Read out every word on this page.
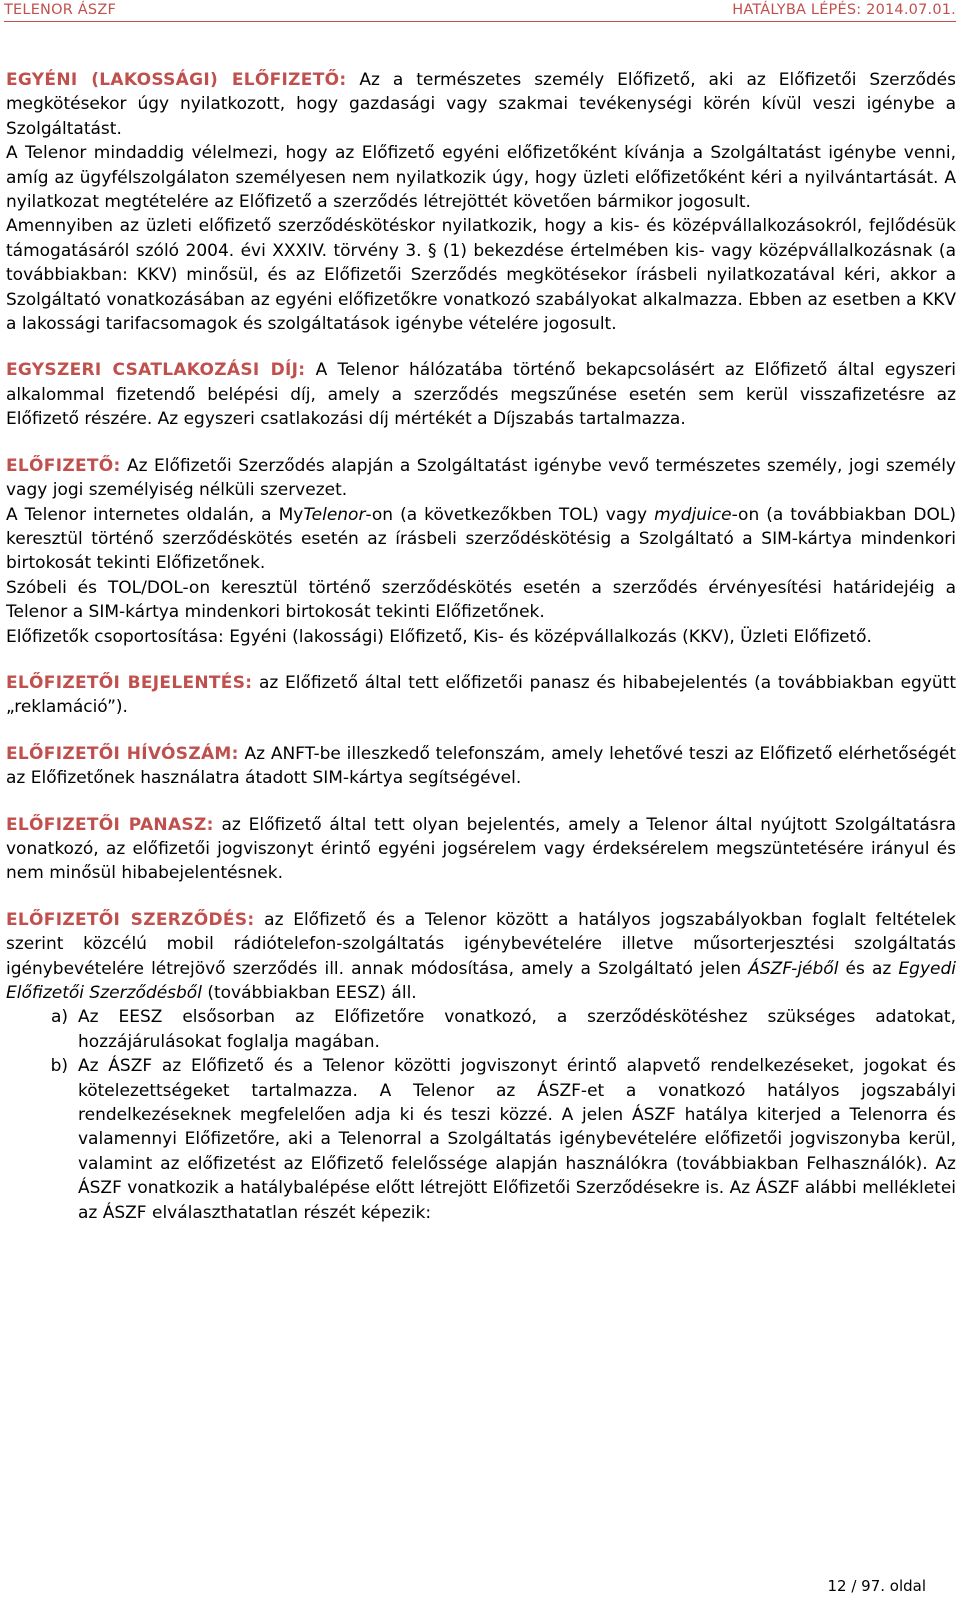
TELENOR ÁSZF	HATÁLYBA LÉPÉS: 2014.07.01.

EGYÉNI (LAKOSSÁGI) ELŐFIZETŐ: Az a természetes személy Előfizető, aki az Előfizetői Szerződés megkötésekor úgy nyilatkozott, hogy gazdasági vagy szakmai tevékenységi körén kívül veszi igénybe a Szolgáltatást.

A Telenor mindaddig vélelmezi, hogy az Előfizető egyéni előfizetőként kívánja a Szolgáltatást igénybe venni, amíg az ügyfélszolgálaton személyesen nem nyilatkozik úgy, hogy üzleti előfizetőként kéri a nyilvántartását. A nyilatkozat megtételére az Előfizető a szerződés létrejöttét követően bármikor jogosult.

Amennyiben az üzleti előfizető szerződéskötéskor nyilatkozik, hogy a kis- és középvállalkozásokról, fejlődésük támogatásáról szóló 2004. évi XXXIV. törvény 3. § (1) bekezdése értelmében kis- vagy középvállalkozásnak (a továbbiakban: KKV) minősül, és az Előfizetői Szerződés megkötésekor írásbeli nyilatkozatával kéri, akkor a Szolgáltató vonatkozásában az egyéni előfizetőkre vonatkozó szabályokat alkalmazza. Ebben az esetben a KKV a lakossági tarifacsomagok és szolgáltatások igénybe vételére jogosult.

EGYSZERI CSATLAKOZÁSI DÍJ: A Telenor hálózatába történő bekapcsolásért az Előfizető által egyszeri alkalommal fizetendő belépési díj, amely a szerződés megszűnése esetén sem kerül visszafizetésre az Előfizető részére. Az egyszeri csatlakozási díj mértékét a Díjszabás tartalmazza.

ELŐFIZETŐ: Az Előfizetői Szerződés alapján a Szolgáltatást igénybe vevő természetes személy, jogi személy vagy jogi személyiség nélküli szervezet.

A Telenor internetes oldalán, a MyTelenor-on (a következőkben TOL) vagy mydjuice-on (a továbbiakban DOL) keresztül történő szerződéskötés esetén az írásbeli szerződéskötésig a Szolgáltató a SIM-kártya mindenkori birtokosát tekinti Előfizetőnek.

Szóbeli és TOL/DOL-on keresztül történő szerződéskötés esetén a szerződés érvényesítési határidejéig a Telenor a SIM-kártya mindenkori birtokosát tekinti Előfizetőnek.

Előfizetők csoportosítása: Egyéni (lakossági) Előfizető, Kis- és középvállalkozás (KKV), Üzleti Előfizető.

ELŐFIZETŐI BEJELENTÉS: az Előfizető által tett előfizetői panasz és hibabejelentés (a továbbiakban együtt „reklamáció”).

ELŐFIZETŐI HÍVÓSZÁM: Az ANFT-be illeszkedő telefonszám, amely lehetővé teszi az Előfizető elérhetőségét az Előfizetőnek használatra átadott SIM-kártya segítségével.

ELŐFIZETŐI PANASZ: az Előfizető által tett olyan bejelentés, amely a Telenor által nyújtott Szolgáltatásra vonatkozó, az előfizetői jogviszonyt érintő egyéni jogsérelem vagy érdeksérelem megszüntetésére irányul és nem minősül hibabejelentésnek.

ELŐFIZETŐI SZERZŐDÉS: az Előfizető és a Telenor között a hatályos jogszabályokban foglalt feltételek szerint közcélú mobil rádiótelefon-szolgáltatás igénybevételére illetve műsorterjesztési szolgáltatás igénybevételére létrejövő szerződés ill. annak módosítása, amely a Szolgáltató jelen ÁSZF-jéből és az Egyedi Előfizetői Szerződésből (továbbiakban EESZ) áll.

a) Az EESZ elsősorban az Előfizetőre vonatkozó, a szerződéskötéshez szükséges adatokat, hozzájárulásokat foglalja magában.
b) Az ÁSZF az Előfizető és a Telenor közötti jogviszonyt érintő alapvető rendelkezéseket, jogokat és kötelezettségeket tartalmazza. A Telenor az ÁSZF-et a vonatkozó hatályos jogszabályi rendelkezéseknek megfelelően adja ki és teszi közzé. A jelen ÁSZF hatálya kiterjed a Telenorra és valamennyi Előfizetőre, aki a Telenorral a Szolgáltatás igénybevételére előfizetői jogviszonyba kerül, valamint az előfizetést az Előfizető felelőssége alapján használókra (továbbiakban Felhasználók). Az ÁSZF vonatkozik a hatálybalépése előtt létrejött Előfizetői Szerződésekre is. Az ÁSZF alábbi mellékletei az ÁSZF elválaszthatatlan részét képezik:
12 / 97. oldal
